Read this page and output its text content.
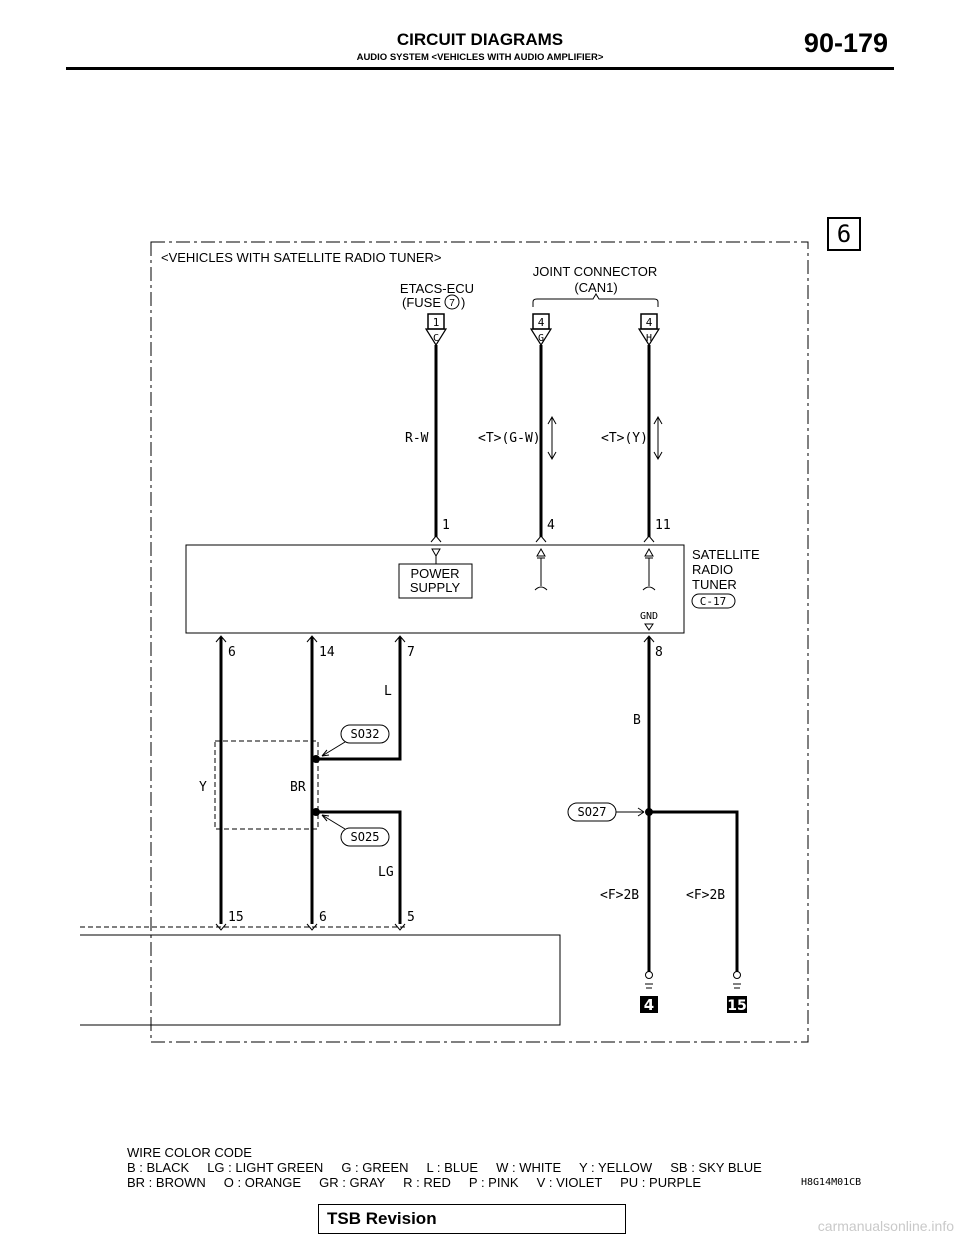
CIRCUIT DIAGRAMS
AUDIO SYSTEM <VEHICLES WITH AUDIO AMPLIFIER>	90-179
6
4	15
<VEHICLES WITH SATELLITE RADIO TUNER>
ETACS-ECU
(FUSE 7 )
JOINT CONNECTOR
(CAN1)
SATELLITE
RADIO
TUNER
POWER
SUPPLY
C-17
1	4	4
C	G	H
R-W	<T>(G-W)	<T>(Y)
1	4	11
GND
6	14	7	8
L
Y	BR
LG
B
SO32
SO25
SO27
15	6	5
<F>2B	<F>2B
WIRE COLOR CODE
B : BLACK     LG : LIGHT GREEN     G : GREEN     L : BLUE     W : WHITE     Y : YELLOW     SB : SKY BLUE
BR : BROWN     O : ORANGE     GR : GRAY     R : RED     P : PINK     V : VIOLET     PU : PURPLE	H8G14M01CB
TSB Revision	carmanualsonline.info
